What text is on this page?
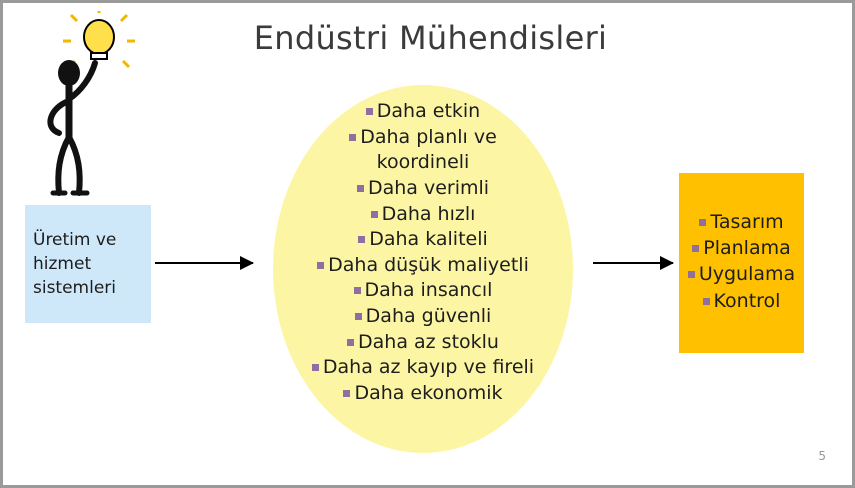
Endüstri Mühendisleri
Üretim ve
hizmet
sistemleri
Daha etkin
Daha planlı ve
koordineli
Daha verimli
Daha hızlı
Daha kaliteli
Daha düşük maliyetli
Daha insancıl
Daha güvenli
Daha az stoklu
Daha az kayıp ve fireli
Daha ekonomik
Tasarım
Planlama
Uygulama
Kontrol
5
